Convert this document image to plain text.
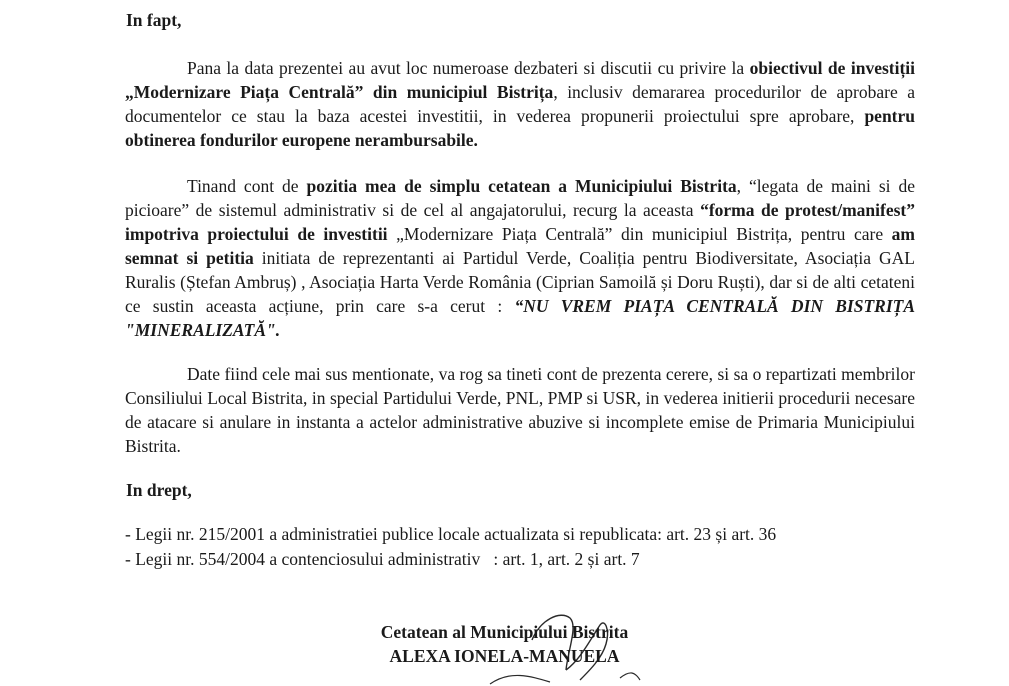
In fapt,

Pana la data prezentei au avut loc numeroase dezbateri si discutii cu privire la obiectivul de investiții „Modernizare Piața Centrală” din municipiul Bistrița, inclusiv demararea procedurilor de aprobare a documentelor ce stau la baza acestei investitii, in vederea propunerii proiectului spre aprobare, pentru obtinerea fondurilor europene nerambursabile.

Tinand cont de pozitia mea de simplu cetatean a Municipiului Bistrita, “legata de maini si de picioare” de sistemul administrativ si de cel al angajatorului, recurg la aceasta “forma de protest/manifest” impotriva proiectului de investitii „Modernizare Piața Centrală” din municipiul Bistrița, pentru care am semnat si petitia initiata de reprezentanti ai Partidul Verde, Coaliția pentru Biodiversitate, Asociația GAL Ruralis (Ștefan Ambruș) , Asociația Harta Verde România (Ciprian Samoilă și Doru Ruști), dar si de alti cetateni ce sustin aceasta acțiune, prin care s-a cerut : “NU VREM PIAȚA CENTRALĂ DIN BISTRIȚA "MINERALIZATĂ".

Date fiind cele mai sus mentionate, va rog sa tineti cont de prezenta cerere, si sa o repartizati membrilor Consiliului Local Bistrita, in special Partidului Verde, PNL, PMP si USR, in vederea initierii procedurii necesare de atacare si anulare in instanta a actelor administrative abuzive si incomplete emise de Primaria Municipiului Bistrita.

In drept,
- Legii nr. 215/2001 a administratiei publice locale actualizata si republicata: art. 23 și art. 36
- Legii nr. 554/2004 a contenciosului administrativ   : art. 1, art. 2 și art. 7
Cetatean al Municipiului Bistrita
ALEXA IONELA-MANUELA
